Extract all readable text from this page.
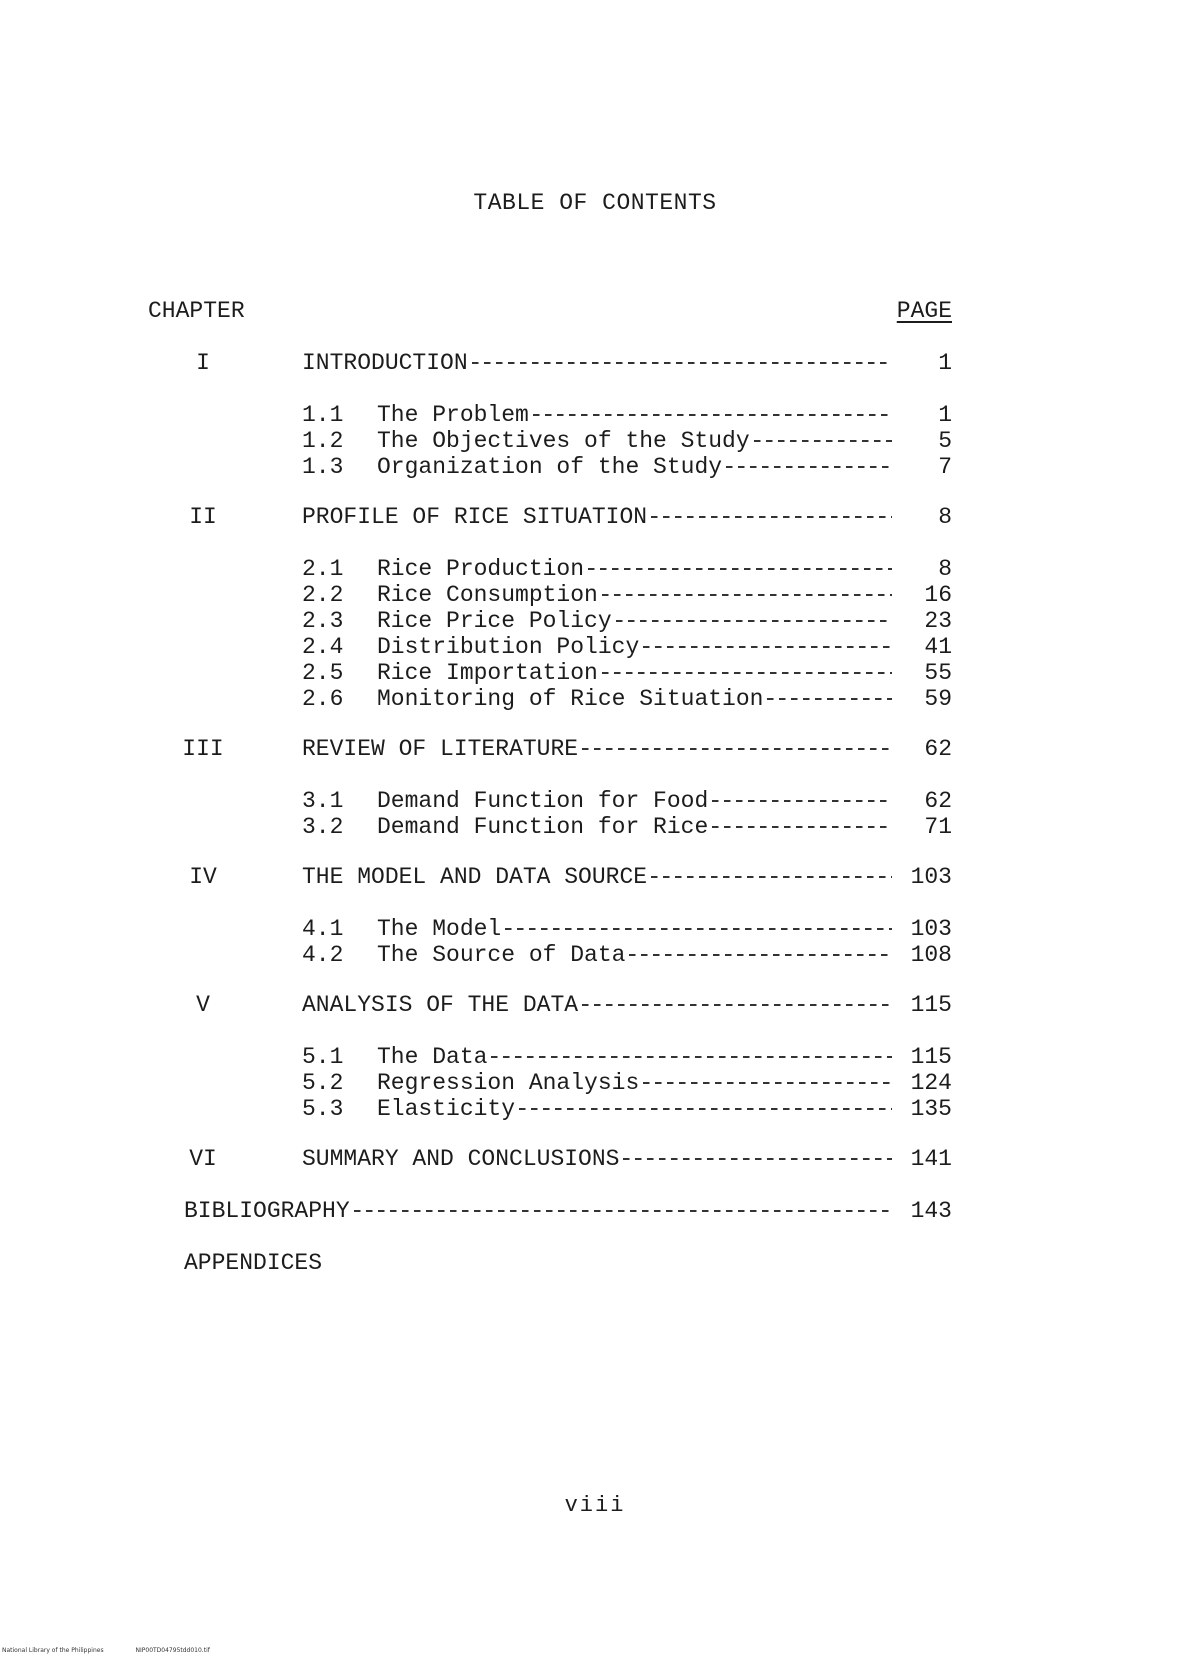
TABLE OF CONTENTS
CHAPTER	PAGE
I	INTRODUCTION	1
1.1 The Problem	1
1.2 The Objectives of the Study	5
1.3 Organization of the Study	7
II	PROFILE OF RICE SITUATION	8
2.1 Rice Production	8
2.2 Rice Consumption	16
2.3 Rice Price Policy	23
2.4 Distribution Policy	41
2.5 Rice Importation	55
2.6 Monitoring of Rice Situation	59
III	REVIEW OF LITERATURE	62
3.1 Demand Function for Food	62
3.2 Demand Function for Rice	71
IV	THE MODEL AND DATA SOURCE	103
4.1 The Model	103
4.2 The Source of Data	108
V	ANALYSIS OF THE DATA	115
5.1 The Data	115
5.2 Regression Analysis	124
5.3 Elasticity	135
VI	SUMMARY AND CONCLUSIONS	141
BIBLIOGRAPHY	143
APPENDICES
viii
National Library of the Philippines	NIP00TD04795tdd010.tif
